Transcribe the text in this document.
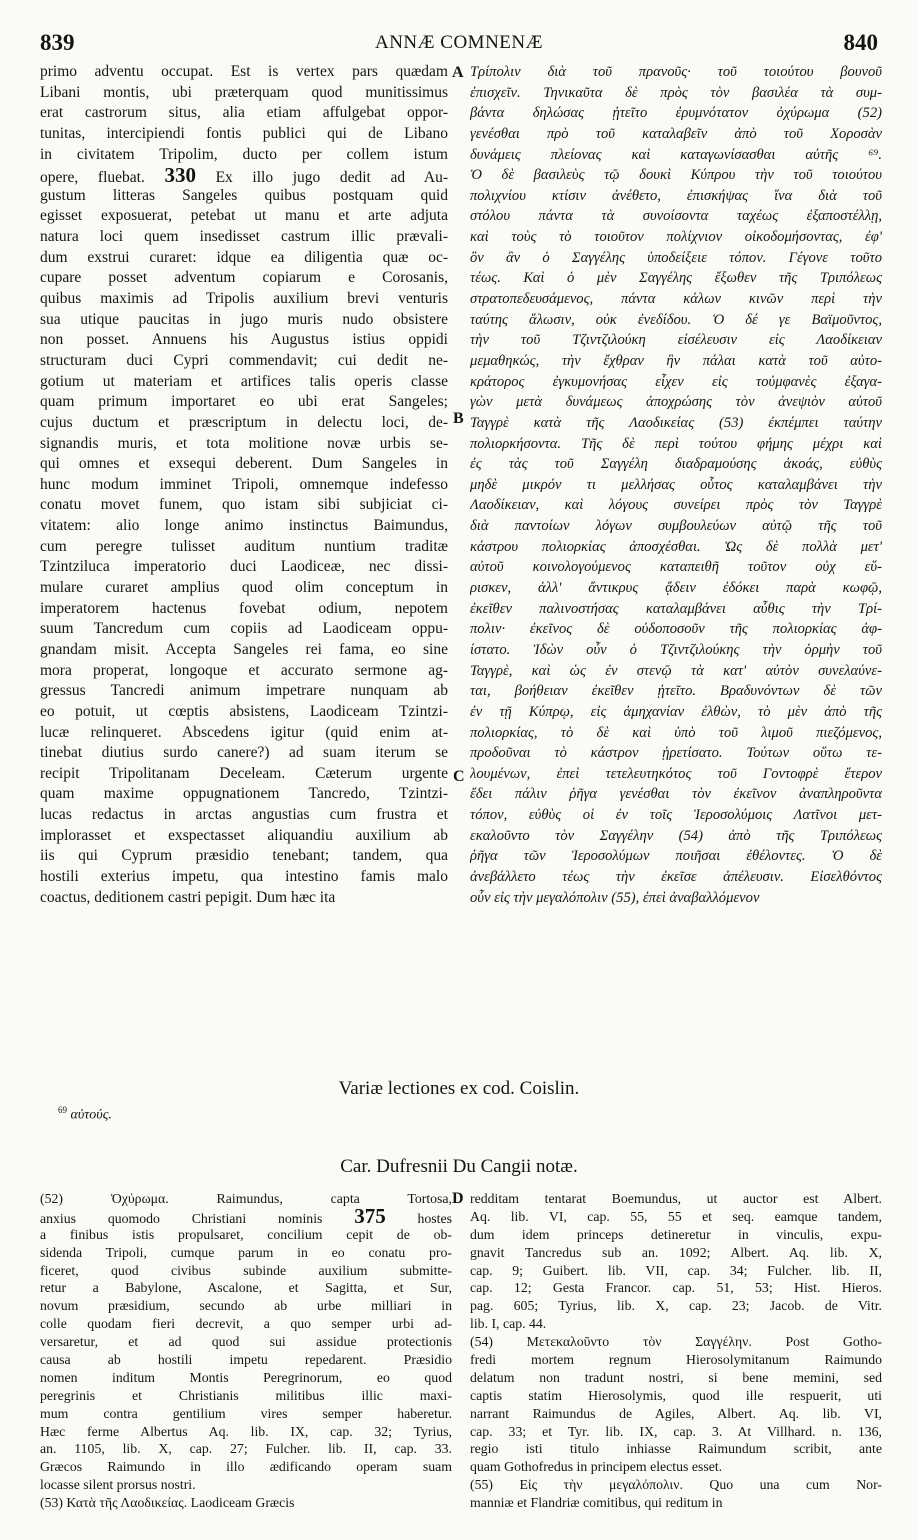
839	ANNÆ COMNENÆ	840
primo adventu occupat. Est is vertex pars quædam
Libani montis, ubi præterquam quod munitissimus
erat castrorum situs, alia etiam affulgebat oppor-
tunitas, intercipiendi fontis publici qui de Libano
in civitatem Tripolim, ducto per collem istum
opere, fluebat. 330 Ex illo jugo dedit ad Au-
gustum litteras Sangeles quibus postquam quid
egisset exposuerat, petebat ut manu et arte adjuta
natura loci quem insedisset castrum illic prævali-
dum exstrui curaret: idque ea diligentia quæ oc-
cupare posset adventum copiarum e Corosanis,
quibus maximis ad Tripolis auxilium brevi venturis
sua utique paucitas in jugo muris nudo obsistere
non posset. Annuens his Augustus istius oppidi
structuram duci Cypri commendavit; cui dedit ne-
gotium ut materiam et artifices talis operis classe
quam primum importaret eo ubi erat Sangeles;
cujus ductum et præscriptum in delectu loci, de-
signandis muris, et tota molitione novæ urbis se-
qui omnes et exsequi deberent. Dum Sangeles in
hunc modum imminet Tripoli, omnemque indefesso
conatu movet funem, quo istam sibi subjiciat ci-
vitatem: alio longe animo instinctus Baimundus,
cum peregre tulisset auditum nuntium traditæ
Tzintziluca imperatorio duci Laodiceæ, nec dissi-
mulare curaret amplius quod olim conceptum in
imperatorem hactenus fovebat odium, nepotem
suum Tancredum cum copiis ad Laodiceam oppu-
gnandam misit. Accepta Sangeles rei fama, eo sine
mora properat, longoque et accurato sermone ag-
gressus Tancredi animum impetrare nunquam ab
eo potuit, ut cœptis absistens, Laodiceam Tzintzi-
lucæ relinqueret. Abscedens igitur (quid enim at-
tinebat diutius surdo canere?) ad suam iterum se
recipit Tripolitanam Deceleam. Cæterum urgente
quam maxime oppugnationem Tancredo, Tzintzi-
lucas redactus in arctas angustias cum frustra et
implorasset et exspectasset aliquandiu auxilium ab
iis qui Cyprum præsidio tenebant; tandem, qua
hostili exterius impetu, qua intestino famis malo
coactus, deditionem castri pepigit. Dum hæc ita
Τρίπολιν διὰ τοῦ πρανοῦς· τοῦ τοιούτου βουνοῦ
ἐπισχεῖν. Τηνικαῦτα δὲ πρὸς τὸν βασιλέα τὰ συμ-
βάντα δηλώσας ᾐτεῖτο ἐρυμνότατον ὀχύρωμα (52)
γενέσθαι πρὸ τοῦ καταλαβεῖν ἀπὸ τοῦ Χοροσὰν
δυνάμεις πλείονας καὶ καταγωνίσασθαι αὐτῆς ⁶⁹.
Ὁ δὲ βασιλεὺς τῷ δουκὶ Κύπρου τὴν τοῦ τοιούτου
πολιχνίου κτίσιν ἀνέθετο, ἐπισκήψας ἵνα διὰ τοῦ
στόλου πάντα τὰ συνοίσοντα ταχέως ἐξαποστέλλῃ,
καὶ τοὺς τὸ τοιοῦτον πολίχνιον οἰκοδομήσοντας, ἐφ'
ὃν ἂν ὁ Σαγγέλης ὑποδείξειε τόπον. Γέγονε τοῦτο
τέως. Καὶ ὁ μὲν Σαγγέλης ἔξωθεν τῆς Τριπόλεως
στρατοπεδευσάμενος, πάντα κάλων κινῶν περὶ τὴν
ταύτης ἅλωσιν, οὐκ ἐνεδίδου. Ὁ δέ γε Βαϊμοῦντος,
τὴν τοῦ Τζιντζιλούκη εἰσέλευσιν εἰς Λαοδίκειαν
μεμαθηκώς, τὴν ἔχθραν ἣν πάλαι κατὰ τοῦ αὐτο-
κράτορος ἐγκυμονήσας εἶχεν εἰς τοὐμφανὲς ἐξαγα-
γὼν μετὰ δυνάμεως ἀποχρώσης τὸν ἀνεψιὸν αὐτοῦ
Ταγγρὲ κατὰ τῆς Λαοδικείας (53) ἐκπέμπει ταύτην
πολιορκήσοντα. Τῆς δὲ περὶ τούτου φήμης μέχρι καὶ
ἐς τὰς τοῦ Σαγγέλη διαδραμούσης ἀκοάς, εὐθὺς
μηδὲ μικρόν τι μελλήσας οὗτος καταλαμβάνει τὴν
Λαοδίκειαν, καὶ λόγους συνείρει πρὸς τὸν Ταγγρὲ
διὰ παντοίων λόγων συμβουλεύων αὐτῷ τῆς τοῦ
κάστρου πολιορκίας ἀποσχέσθαι. Ὡς δὲ πολλὰ μετ'
αὐτοῦ κοινολογούμενος καταπειθῆ τοῦτον οὐχ εὕ-
ρισκεν, ἀλλ' ἄντικρυς ᾄδειν ἐδόκει παρὰ κωφῷ,
ἐκεῖθεν παλινοστήσας καταλαμβάνει αὖθις τὴν Τρί-
πολιν· ἐκεῖνος δὲ οὐδοποσοῦν τῆς πολιορκίας ἀφ-
ίστατο. Ἰδὼν οὖν ὁ Τζιντζιλούκης τὴν ὁρμὴν τοῦ
Ταγγρὲ, καὶ ὡς ἐν στενῷ τὰ κατ' αὐτὸν συνελαύνε-
ται, βοήθειαν ἐκεῖθεν ᾐτεῖτο. Βραδυνόντων δὲ τῶν
ἐν τῇ Κύπρῳ, εἰς ἀμηχανίαν ἐλθὼν, τὸ μὲν ἀπὸ τῆς
πολιορκίας, τὸ δὲ καὶ ὑπὸ τοῦ λιμοῦ πιεζόμενος,
προδοῦναι τὸ κάστρον ᾑρετίσατο. Τούτων οὕτω τε-
λουμένων, ἐπεὶ τετελευτηκότος τοῦ Γοντοφρὲ ἕτερον
ἔδει πάλιν ῥῆγα γενέσθαι τὸν ἐκεῖνον ἀναπληροῦντα
τόπον, εὐθὺς οἱ ἐν τοῖς Ἱεροσολύμοις Λατῖνοι μετ-
εκαλοῦντο τὸν Σαγγέλην (54) ἀπὸ τῆς Τριπόλεως
ῥῆγα τῶν Ἱεροσολύμων ποιῆσαι ἐθέλοντες. Ὁ δὲ
ἀνεβάλλετο τέως τὴν ἐκεῖσε ἀπέλευσιν. Εἰσελθόντος
οὖν εἰς τὴν μεγαλόπολιν (55), ἐπεὶ ἀναβαλλόμενον
A
B
C
D
Variæ lectiones ex cod. Coislin.
$^{69}$ αὐτούς.
Car. Dufresnii Du Cangii notæ.
(52) Ὀχύρωμα. Raimundus, capta Tortosa,
anxius quomodo Christiani nominis 375 hostes
a finibus istis propulsaret, concilium cepit de ob-
sidenda Tripoli, cumque parum in eo conatu pro-
ficeret, quod civibus subinde auxilium submitte-
retur a Babylone, Ascalone, et Sagitta, et Sur,
novum præsidium, secundo ab urbe milliari in
colle quodam fieri decrevit, a quo semper urbi ad-
versaretur, et ad quod sui assidue protectionis
causa ab hostili impetu repedarent. Præsidio
nomen inditum Montis Peregrinorum, eo quod
peregrinis et Christianis militibus illic maxi-
mum contra gentilium vires semper haberetur.
Hæc ferme Albertus Aq. lib. IX, cap. 32; Tyrius,
an. 1105, lib. X, cap. 27; Fulcher. lib. II, cap. 33.
Græcos Raimundo in illo ædificando operam suam
locasse silent prorsus nostri.
(53) Κατὰ τῆς Λαοδικείας. Laodiceam Græcis
redditam tentarat Boemundus, ut auctor est Albert.
Aq. lib. VI, cap. 55, 55 et seq. eamque tandem,
dum idem princeps detineretur in vinculis, expu-
gnavit Tancredus sub an. 1092; Albert. Aq. lib. X,
cap. 9; Guibert. lib. VII, cap. 34; Fulcher. lib. II,
cap. 12; Gesta Francor. cap. 51, 53; Hist. Hieros.
pag. 605; Tyrius, lib. X, cap. 23; Jacob. de Vitr.
lib. I, cap. 44.
(54) Μετεκαλοῦντο τὸν Σαγγέλην. Post Gotho-
fredi mortem regnum Hierosolymitanum Raimundo
delatum non tradunt nostri, si bene memini, sed
captis statim Hierosolymis, quod ille respuerit, uti
narrant Raimundus de Agiles, Albert. Aq. lib. VI,
cap. 33; et Tyr. lib. IX, cap. 3. At Villhard. n. 136,
regio isti titulo inhiasse Raimundum scribit, ante
quam Gothofredus in principem electus esset.
(55) Εἰς τὴν μεγαλόπολιν. Quo una cum Nor-
manniæ et Flandriæ comitibus, qui reditum in
